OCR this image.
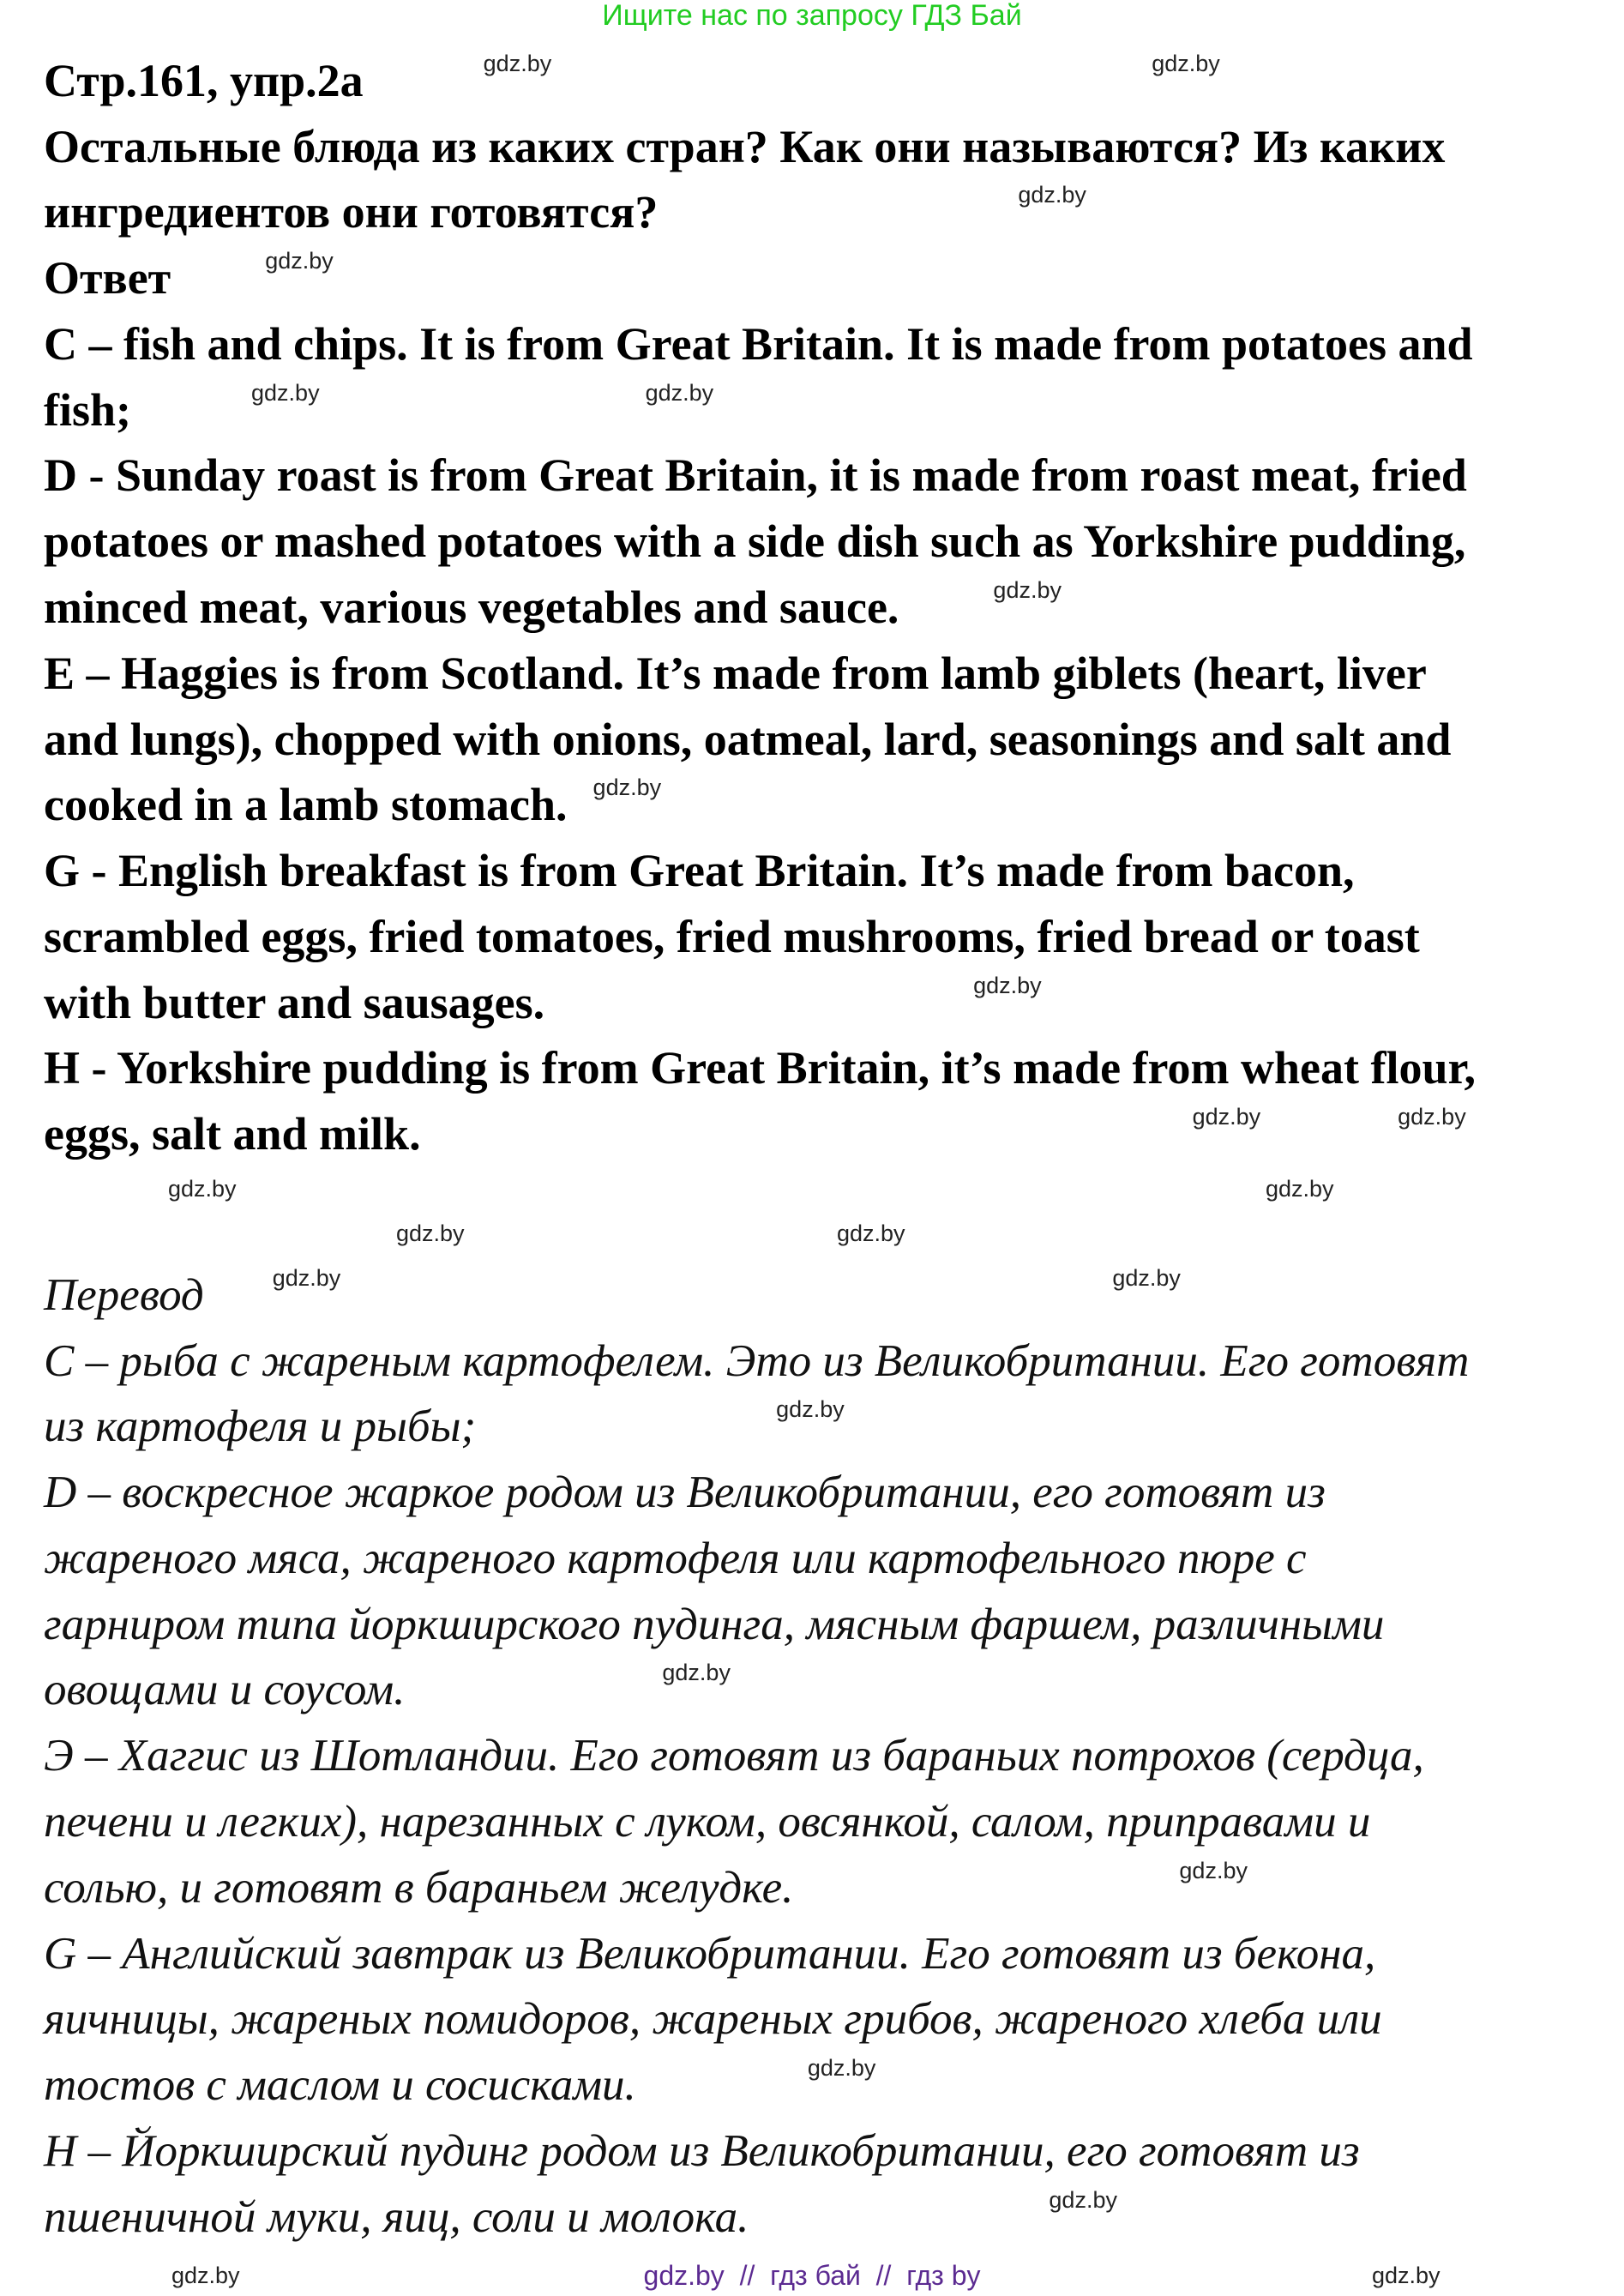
Ищите нас по запросу ГДЗ Бай
Стр.161, упр.2а	gdz.by	gdz.by
Остальные блюда из каких стран? Как они называются? Из каких
ингредиентов они готовятся?	gdz.by
Ответ	gdz.by
C – fish and chips. It is from Great Britain. It is made from potatoes and
fish;	gdz.by	gdz.by
D - Sunday roast is from Great Britain, it is made from roast meat, fried
potatoes or mashed potatoes with a side dish such as Yorkshire pudding,
minced meat, various vegetables and sauce.	gdz.by
E – Haggies is from Scotland. It’s made from lamb giblets (heart, liver
and lungs), chopped with onions, oatmeal, lard, seasonings and salt and
cooked in a lamb stomach. gdz.by
G - English breakfast is from Great Britain. It’s made from bacon,
scrambled eggs, fried tomatoes, fried mushrooms, fried bread or toast
with butter and sausages.	gdz.by
H - Yorkshire pudding is from Great Britain, it’s made from wheat flour,
eggs, salt and milk.	gdz.by	gdz.by
gdz.by	gdz.by
gdz.by	gdz.by
Перевод	gdz.by	gdz.by
C – рыба с жареным картофелем. Это из Великобритании. Его готовят
из картофеля и рыбы;	gdz.by
D – воскресное жаркое родом из Великобритании, его готовят из
жареного мяса, жареного картофеля или картофельного пюре с
гарниром типа йоркширского пудинга, мясным фаршем, различными
овощами и соусом.	gdz.by
Э – Хаггис из Шотландии. Его готовят из бараньих потрохов (сердца,
печени и легких), нарезанных с луком, овсянкой, салом, приправами и
солью, и готовят в бараньем желудке.	gdz.by
G – Английский завтрак из Великобритании. Его готовят из бекона,
яичницы, жареных помидоров, жареных грибов, жареного хлеба или
тостов с маслом и сосисками.	gdz.by
H – Йоркширский пудинг родом из Великобритании, его готовят из
пшеничной муки, яиц, соли и молока.	gdz.by
gdz.by	gdz.by
gdz.by  //  гдз бай  //  гдз by
